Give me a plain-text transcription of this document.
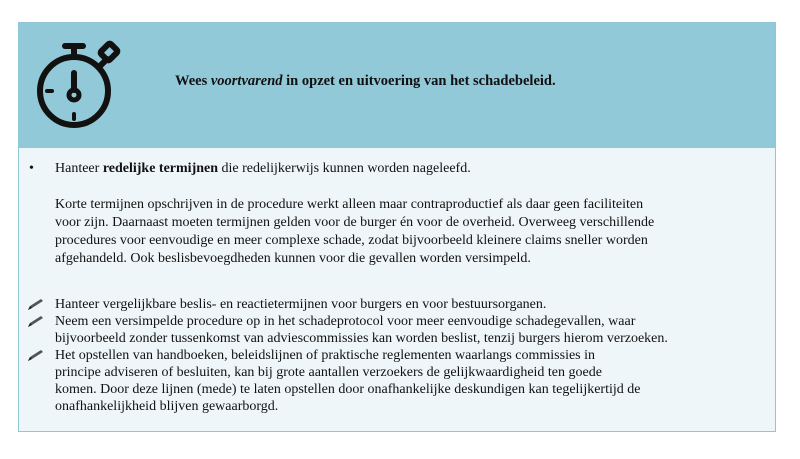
Wees voortvarend in opzet en uitvoering van het schadebeleid.
• Hanteer redelijke termijnen die redelijkerwijs kunnen worden nageleefd.
Korte termijnen opschrijven in de procedure werkt alleen maar contraproductief als daar geen faciliteiten
voor zijn. Daarnaast moeten termijnen gelden voor de burger én voor de overheid. Overweeg verschillende
procedures voor eenvoudige en meer complexe schade, zodat bijvoorbeeld kleinere claims sneller worden
afgehandeld. Ook beslisbevoegdheden kunnen voor die gevallen worden versimpeld.
Hanteer vergelijkbare beslis- en reactietermijnen voor burgers en voor bestuursorganen.
Neem een versimpelde procedure op in het schadeprotocol voor meer eenvoudige schadegevallen, waar
bijvoorbeeld zonder tussenkomst van adviescommissies kan worden beslist, tenzij burgers hierom verzoeken.
Het opstellen van handboeken, beleidslijnen of praktische reglementen waarlangs commissies in
principe adviseren of besluiten, kan bij grote aantallen verzoekers de gelijkwaardigheid ten goede
komen. Door deze lijnen (mede) te laten opstellen door onafhankelijke deskundigen kan tegelijkertijd de
onafhankelijkheid blijven gewaarborgd.
